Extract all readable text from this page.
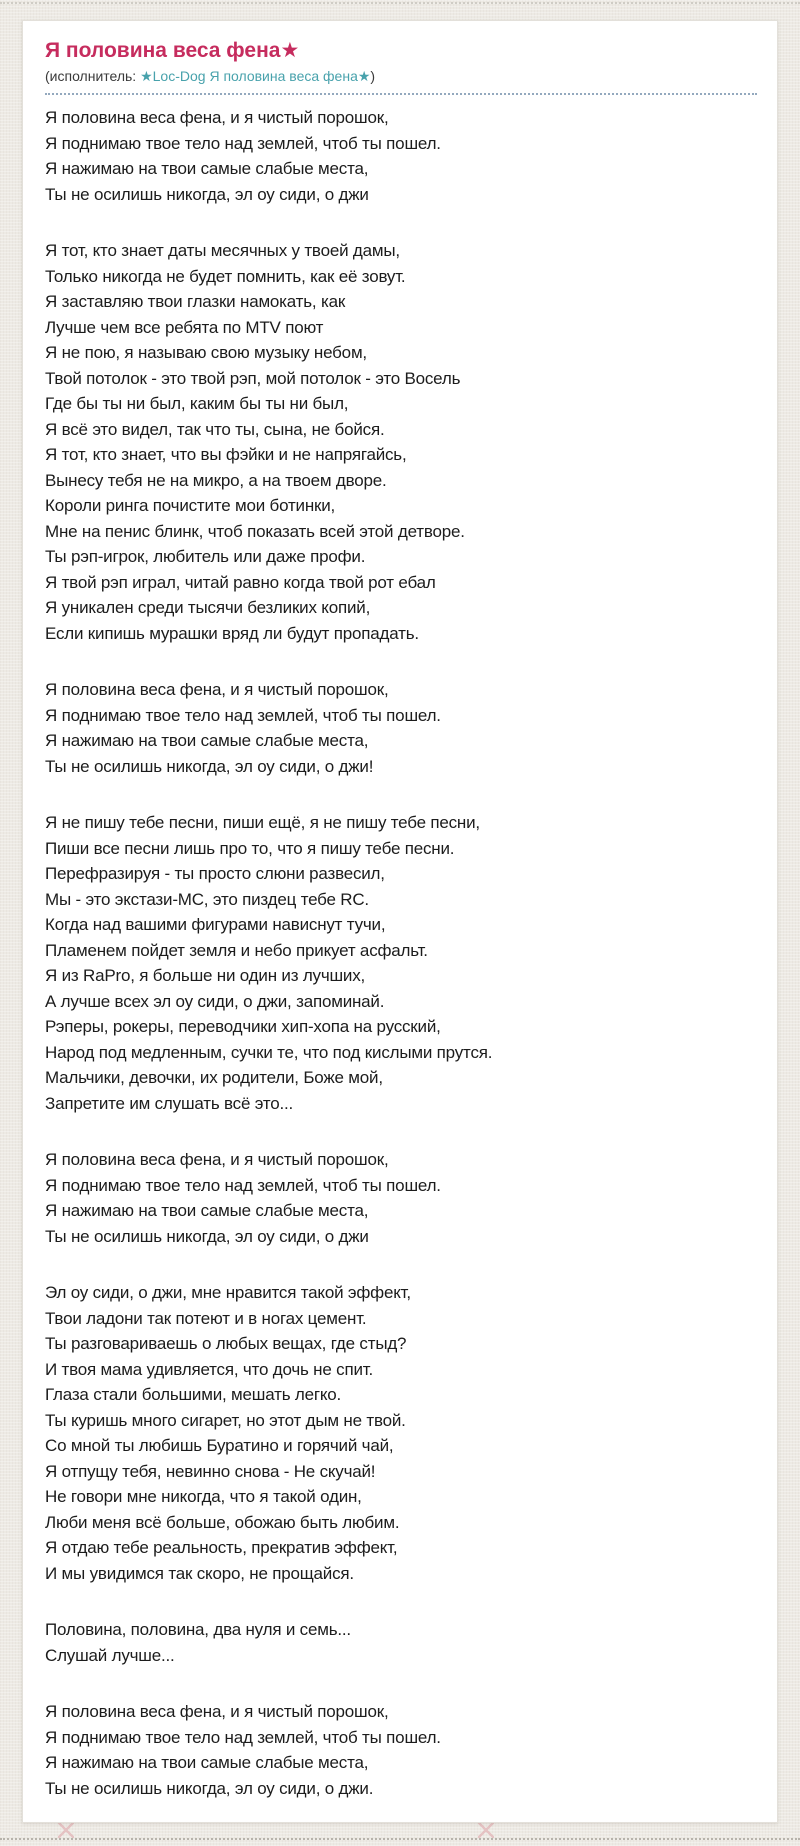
Я половина веса фена★

(исполнитель: ★Loc-Dog Я половина веса фена★)

Я половина веса фена, и я чистый порошок,
Я поднимаю твое тело над землей, чтоб ты пошел.
Я нажимаю на твои самые слабые места,
Ты не осилишь никогда, эл оу сиди, о джи

Я тот, кто знает даты месячных у твоей дамы,
Только никогда не будет помнить, как её зовут.
Я заставляю твои глазки намокать, как
Лучше чем все ребята по MTV поют
Я не пою, я называю свою музыку небом,
Твой потолок - это твой рэп, мой потолок - это Восель
Где бы ты ни был, каким бы ты ни был,
Я всё это видел, так что ты, сына, не бойся.
Я тот, кто знает, что вы фэйки и не напрягайсь,
Вынесу тебя не на микро, а на твоем дворе.
Короли ринга почистите мои ботинки,
Мне на пенис блинк, чтоб показать всей этой детворе.
Ты рэп-игрок, любитель или даже профи.
Я твой рэп играл, читай равно когда твой рот ебал
Я уникален среди тысячи безликих копий,
Если кипишь мурашки вряд ли будут пропадать.

Я половина веса фена, и я чистый порошок,
Я поднимаю твое тело над землей, чтоб ты пошел.
Я нажимаю на твои самые слабые места,
Ты не осилишь никогда, эл оу сиди, о джи!

Я не пишу тебе песни, пиши ещё, я не пишу тебе песни,
Пиши все песни лишь про то, что я пишу тебе песни.
Перефразируя - ты просто слюни развесил,
Мы - это экстази-MC, это пиздец тебе RC.
Когда над вашими фигурами нависнут тучи,
Пламенем пойдет земля и небо прикует асфальт.
Я из RaPro, я больше ни один из лучших,
А лучше всех эл оу сиди, о джи, запоминай.
Рэперы, рокеры, переводчики хип-хопа на русский,
Народ под медленным, сучки те, что под кислыми прутся.
Мальчики, девочки, их родители, Боже мой,
Запретите им слушать всё это...

Я половина веса фена, и я чистый порошок,
Я поднимаю твое тело над землей, чтоб ты пошел.
Я нажимаю на твои самые слабые места,
Ты не осилишь никогда, эл оу сиди, о джи

Эл оу сиди, о джи, мне нравится такой эффект,
Твои ладони так потеют и в ногах цемент.
Ты разговариваешь о любых вещах, где стыд?
И твоя мама удивляется, что дочь не спит.
Глаза стали большими, мешать легко.
Ты куришь много сигарет, но этот дым не твой.
Со мной ты любишь Буратино и горячий чай,
Я отпущу тебя, невинно снова - Не скучай!
Не говори мне никогда, что я такой один,
Люби меня всё больше, обожаю быть любим.
Я отдаю тебе реальность, прекратив эффект,
И мы увидимся так скоро, не прощайся.

Половина, половина, два нуля и семь...
Слушай лучше...

Я половина веса фена, и я чистый порошок,
Я поднимаю твое тело над землей, чтоб ты пошел.
Я нажимаю на твои самые слабые места,
Ты не осилишь никогда, эл оу сиди, о джи.
